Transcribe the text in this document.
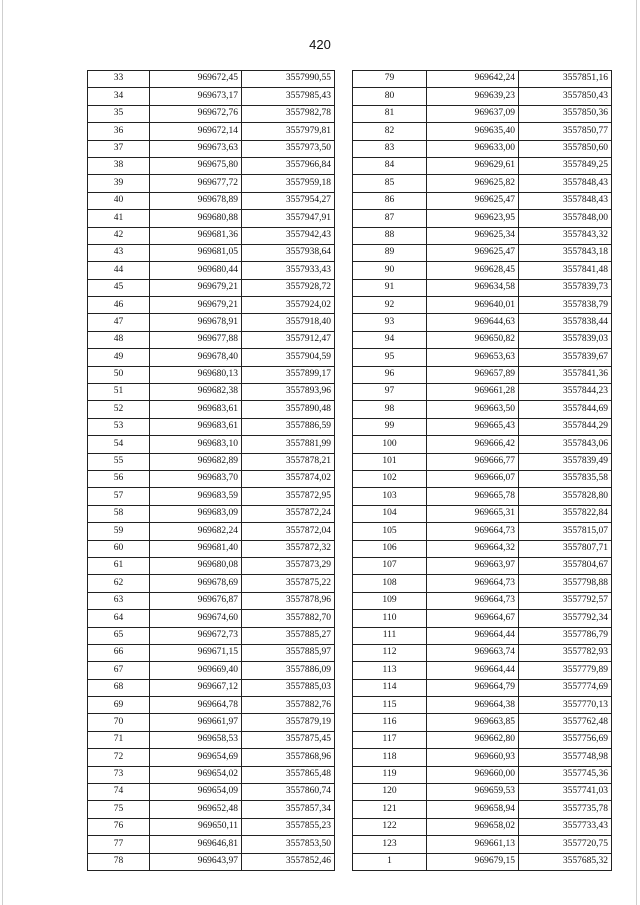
420
33	969672,45	3557990,55
34	969673,17	3557985,43
35	969672,76	3557982,78
36	969672,14	3557979,81
37	969673,63	3557973,50
38	969675,80	3557966,84
39	969677,72	3557959,18
40	969678,89	3557954,27
41	969680,88	3557947,91
42	969681,36	3557942,43
43	969681,05	3557938,64
44	969680,44	3557933,43
45	969679,21	3557928,72
46	969679,21	3557924,02
47	969678,91	3557918,40
48	969677,88	3557912,47
49	969678,40	3557904,59
50	969680,13	3557899,17
51	969682,38	3557893,96
52	969683,61	3557890,48
53	969683,61	3557886,59
54	969683,10	3557881,99
55	969682,89	3557878,21
56	969683,70	3557874,02
57	969683,59	3557872,95
58	969683,09	3557872,24
59	969682,24	3557872,04
60	969681,40	3557872,32
61	969680,08	3557873,29
62	969678,69	3557875,22
63	969676,87	3557878,96
64	969674,60	3557882,70
65	969672,73	3557885,27
66	969671,15	3557885,97
67	969669,40	3557886,09
68	969667,12	3557885,03
69	969664,78	3557882,76
70	969661,97	3557879,19
71	969658,53	3557875,45
72	969654,69	3557868,96
73	969654,02	3557865,48
74	969654,09	3557860,74
75	969652,48	3557857,34
76	969650,11	3557855,23
77	969646,81	3557853,50
78	969643,97	3557852,46
79	969642,24	3557851,16
80	969639,23	3557850,43
81	969637,09	3557850,36
82	969635,40	3557850,77
83	969633,00	3557850,60
84	969629,61	3557849,25
85	969625,82	3557848,43
86	969625,47	3557848,43
87	969623,95	3557848,00
88	969625,34	3557843,32
89	969625,47	3557843,18
90	969628,45	3557841,48
91	969634,58	3557839,73
92	969640,01	3557838,79
93	969644,63	3557838,44
94	969650,82	3557839,03
95	969653,63	3557839,67
96	969657,89	3557841,36
97	969661,28	3557844,23
98	969663,50	3557844,69
99	969665,43	3557844,29
100	969666,42	3557843,06
101	969666,77	3557839,49
102	969666,07	3557835,58
103	969665,78	3557828,80
104	969665,31	3557822,84
105	969664,73	3557815,07
106	969664,32	3557807,71
107	969663,97	3557804,67
108	969664,73	3557798,88
109	969664,73	3557792,57
110	969664,67	3557792,34
111	969664,44	3557786,79
112	969663,74	3557782,93
113	969664,44	3557779,89
114	969664,79	3557774,69
115	969664,38	3557770,13
116	969663,85	3557762,48
117	969662,80	3557756,69
118	969660,93	3557748,98
119	969660,00	3557745,36
120	969659,53	3557741,03
121	969658,94	3557735,78
122	969658,02	3557733,43
123	969661,13	3557720,75
1	969679,15	3557685,32
